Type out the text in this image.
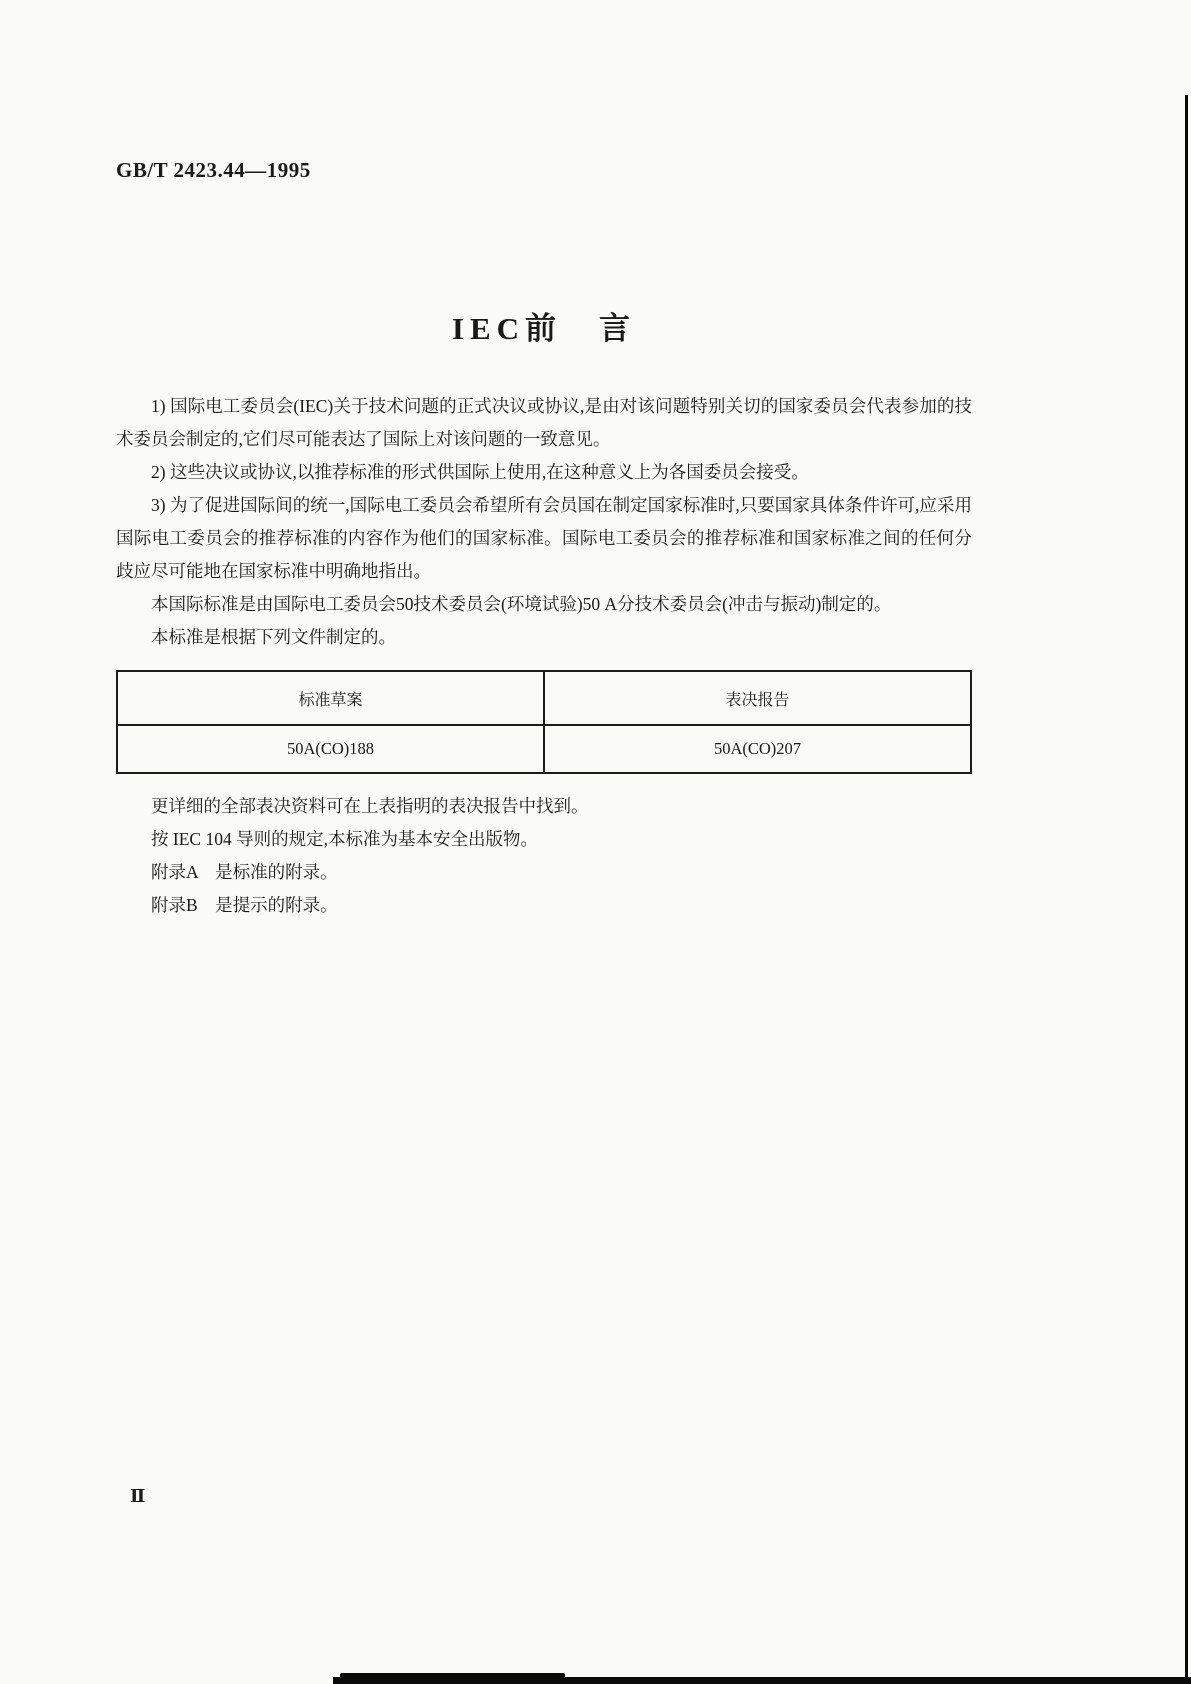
GB/T 2423.44—1995
IEC前　言

1) 国际电工委员会(IEC)关于技术问题的正式决议或协议,是由对该问题特别关切的国家委员会代表参加的技术委员会制定的,它们尽可能表达了国际上对该问题的一致意见。

2) 这些决议或协议,以推荐标准的形式供国际上使用,在这种意义上为各国委员会接受。

3) 为了促进国际间的统一,国际电工委员会希望所有会员国在制定国家标准时,只要国家具体条件许可,应采用国际电工委员会的推荐标准的内容作为他们的国家标准。国际电工委员会的推荐标准和国家标准之间的任何分歧应尽可能地在国家标准中明确地指出。

本国际标准是由国际电工委员会50技术委员会(环境试验)50 A分技术委员会(冲击与振动)制定的。

本标准是根据下列文件制定的。

标准草案	表决报告
50A(CO)188	50A(CO)207

更详细的全部表决资料可在上表指明的表决报告中找到。

按 IEC 104 导则的规定,本标准为基本安全出版物。

附录A　是标准的附录。

附录B　是提示的附录。

Ⅱ
